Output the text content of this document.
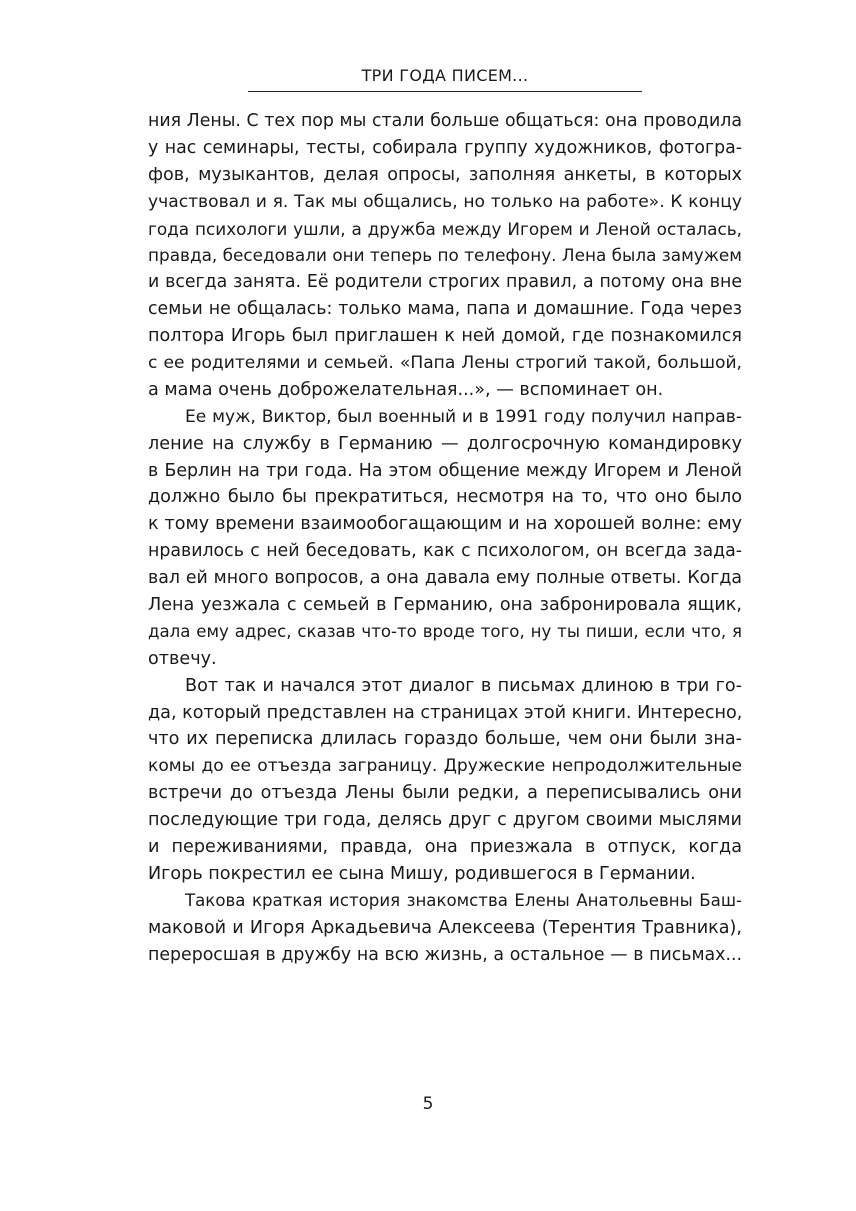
ТРИ ГОДА ПИСЕМ...
ния Лены. С тех пор мы стали больше общаться: она проводила
у нас семинары, тесты, собирала группу художников, фотогра-
фов, музыкантов, делая опросы, заполняя анкеты, в которых
участвовал и я. Так мы общались, но только на работе». К концу
года психологи ушли, а дружба между Игорем и Леной осталась,
правда, беседовали они теперь по телефону. Лена была замужем
и всегда занята. Её родители строгих правил, а потому она вне
семьи не общалась: только мама, папа и домашние. Года через
полтора Игорь был приглашен к ней домой, где познакомился
с ее родителями и семьей. «Папа Лены строгий такой, большой,
а мама очень доброжелательная...», — вспоминает он.
Ее муж, Виктор, был военный и в 1991 году получил направ-
ление на службу в Германию — долгосрочную командировку
в Берлин на три года. На этом общение между Игорем и Леной
должно было бы прекратиться, несмотря на то, что оно было
к тому времени взаимообогащающим и на хорошей волне: ему
нравилось с ней беседовать, как с психологом, он всегда зада-
вал ей много вопросов, а она давала ему полные ответы. Когда
Лена уезжала с семьей в Германию, она забронировала ящик,
дала ему адрес, сказав что-то вроде того, ну ты пиши, если что, я
отвечу.
Вот так и начался этот диалог в письмах длиною в три го-
да, который представлен на страницах этой книги. Интересно,
что их переписка длилась гораздо больше, чем они были зна-
комы до ее отъезда заграницу. Дружеские непродолжительные
встречи до отъезда Лены были редки, а переписывались они
последующие три года, делясь друг с другом своими мыслями
и переживаниями, правда, она приезжала в отпуск, когда
Игорь покрестил ее сына Мишу, родившегося в Германии.
Такова краткая история знакомства Елены Анатольевны Баш-
маковой и Игоря Аркадьевича Алексеева (Терентия Травника),
переросшая в дружбу на всю жизнь, а остальное — в письмах...
5
